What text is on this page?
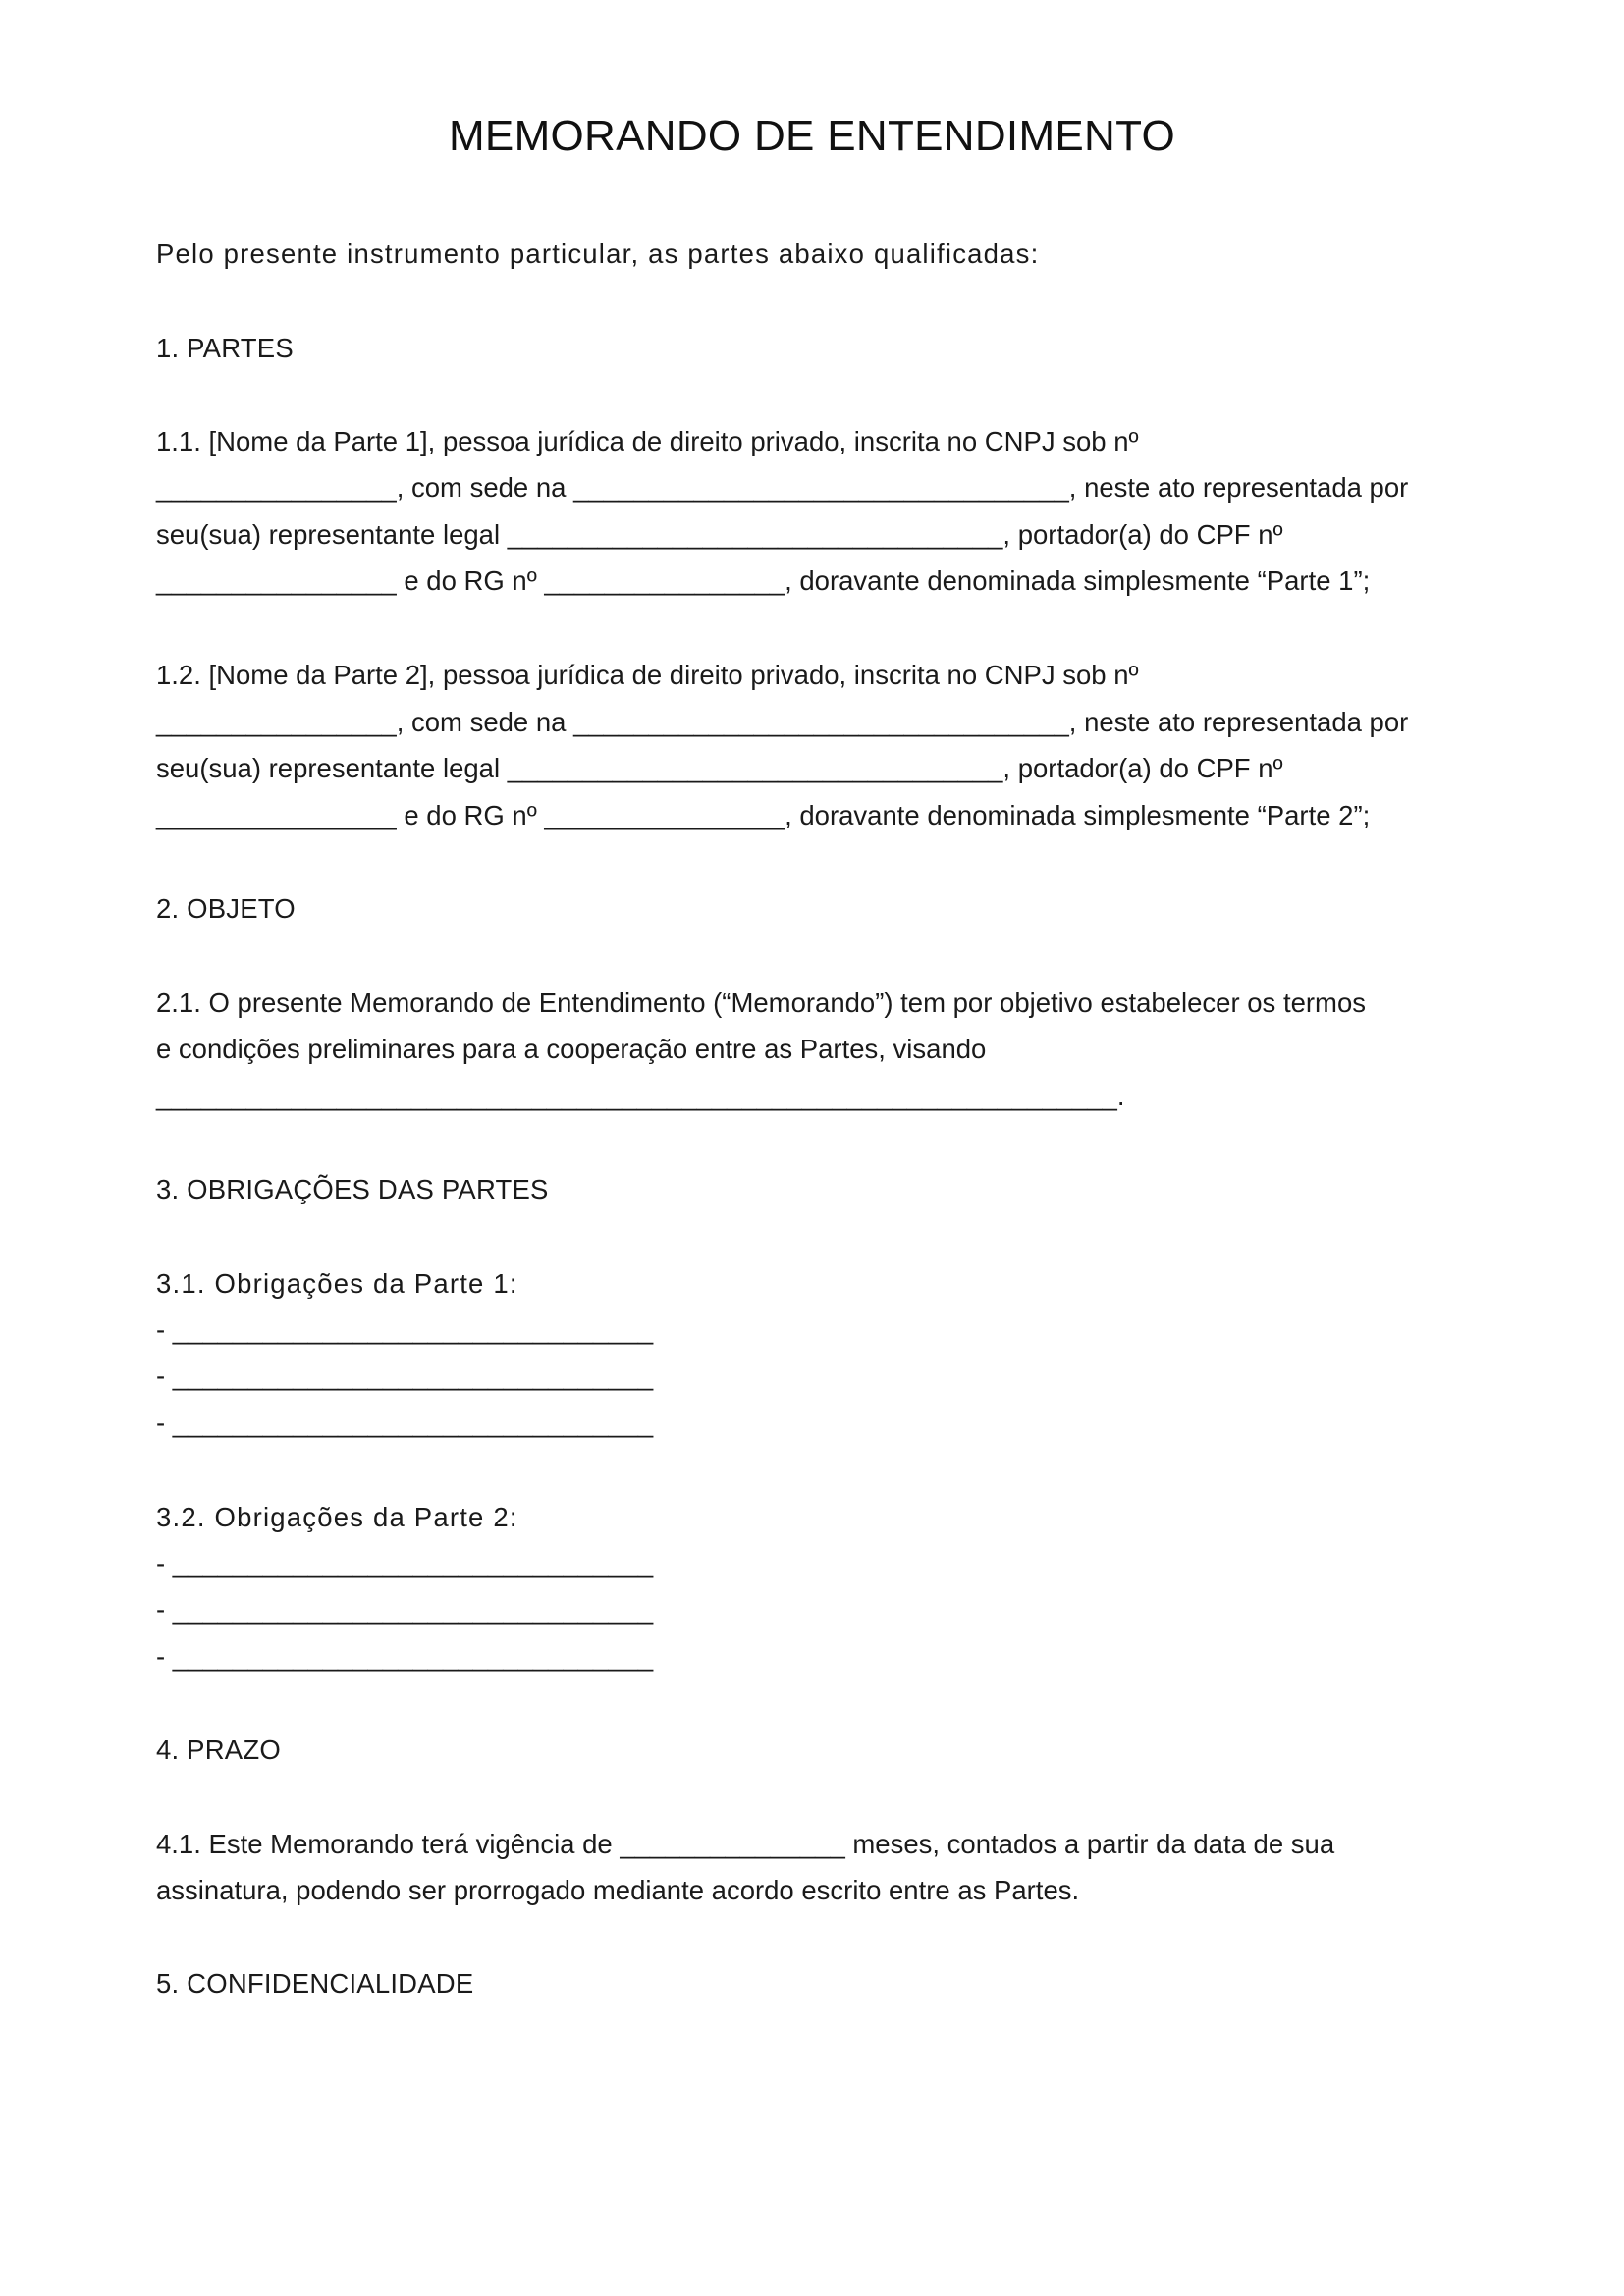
MEMORANDO DE ENTENDIMENTO

Pelo presente instrumento particular, as partes abaixo qualificadas:

1. PARTES

1.1. [Nome da Parte 1], pessoa jurídica de direito privado, inscrita no CNPJ sob nº

________________, com sede na _________________________________, neste ato representada por

seu(sua) representante legal _________________________________, portador(a) do CPF nº

________________ e do RG nº ________________, doravante denominada simplesmente “Parte 1”;

1.2. [Nome da Parte 2], pessoa jurídica de direito privado, inscrita no CNPJ sob nº

________________, com sede na _________________________________, neste ato representada por

seu(sua) representante legal _________________________________, portador(a) do CPF nº

________________ e do RG nº ________________, doravante denominada simplesmente “Parte 2”;

2. OBJETO

2.1. O presente Memorando de Entendimento (“Memorando”) tem por objetivo estabelecer os termos

e condições preliminares para a cooperação entre as Partes, visando

________________________________________________________________.

3. OBRIGAÇÕES DAS PARTES

3.1. Obrigações da Parte 1:

- ________________________________

- ________________________________

- ________________________________

3.2. Obrigações da Parte 2:

- ________________________________

- ________________________________

- ________________________________

4. PRAZO

4.1. Este Memorando terá vigência de _______________ meses, contados a partir da data de sua

assinatura, podendo ser prorrogado mediante acordo escrito entre as Partes.

5. CONFIDENCIALIDADE
